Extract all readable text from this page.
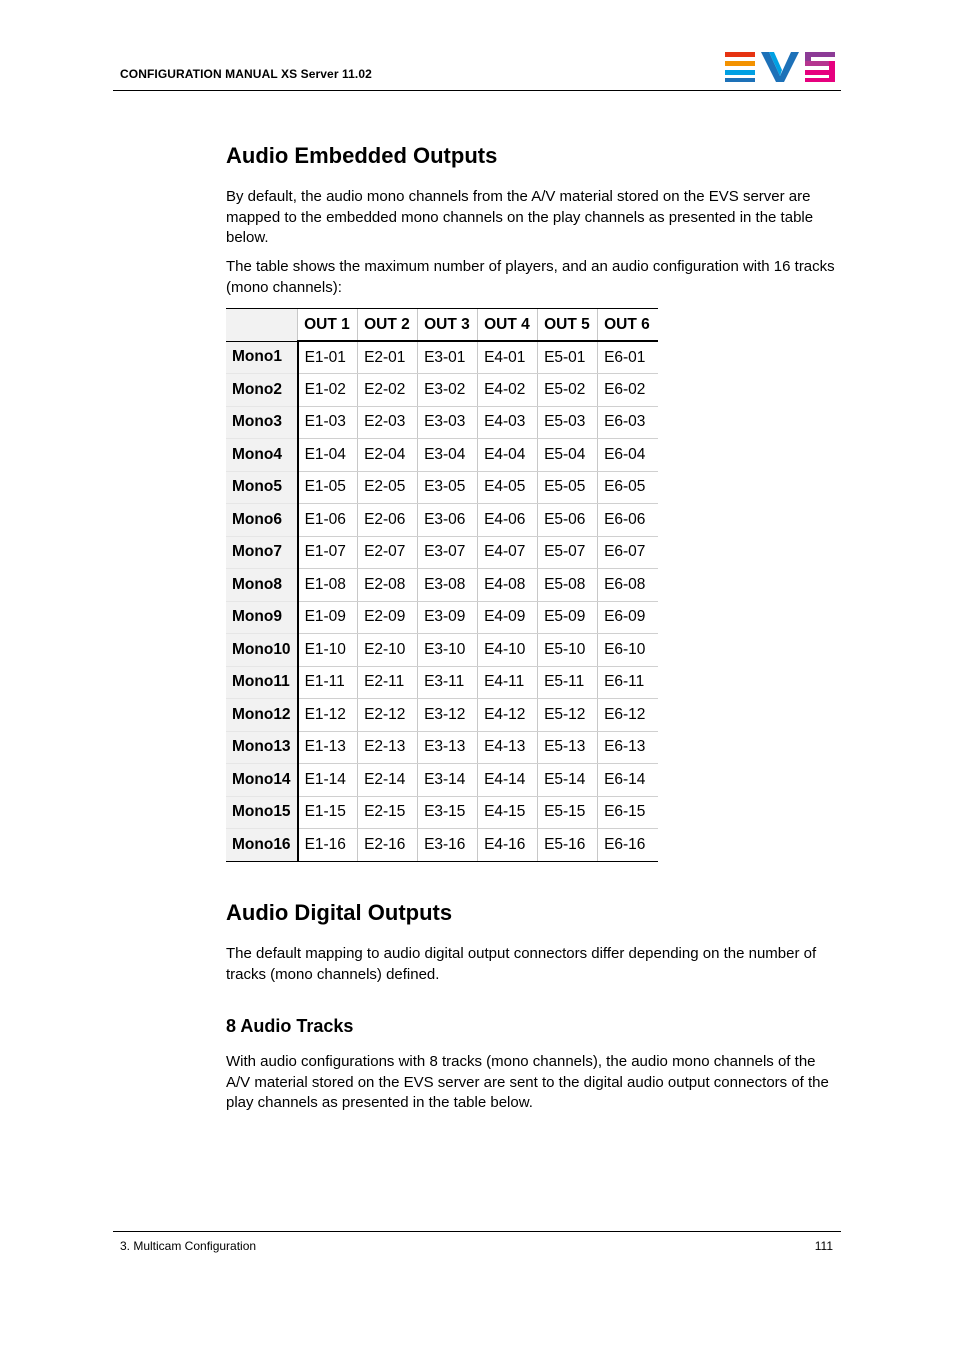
CONFIGURATION MANUAL XS Server 11.02
Audio Embedded Outputs

By default, the audio mono channels from the A/V material stored on the EVS server are mapped to the embedded mono channels on the play channels as presented in the table below.

The table shows the maximum number of players, and an audio configuration with 16 tracks (mono channels):

	OUT 1	OUT 2	OUT 3	OUT 4	OUT 5	OUT 6
Mono1	E1-01	E2-01	E3-01	E4-01	E5-01	E6-01
Mono2	E1-02	E2-02	E3-02	E4-02	E5-02	E6-02
Mono3	E1-03	E2-03	E3-03	E4-03	E5-03	E6-03
Mono4	E1-04	E2-04	E3-04	E4-04	E5-04	E6-04
Mono5	E1-05	E2-05	E3-05	E4-05	E5-05	E6-05
Mono6	E1-06	E2-06	E3-06	E4-06	E5-06	E6-06
Mono7	E1-07	E2-07	E3-07	E4-07	E5-07	E6-07
Mono8	E1-08	E2-08	E3-08	E4-08	E5-08	E6-08
Mono9	E1-09	E2-09	E3-09	E4-09	E5-09	E6-09
Mono10	E1-10	E2-10	E3-10	E4-10	E5-10	E6-10
Mono11	E1-11	E2-11	E3-11	E4-11	E5-11	E6-11
Mono12	E1-12	E2-12	E3-12	E4-12	E5-12	E6-12
Mono13	E1-13	E2-13	E3-13	E4-13	E5-13	E6-13
Mono14	E1-14	E2-14	E3-14	E4-14	E5-14	E6-14
Mono15	E1-15	E2-15	E3-15	E4-15	E5-15	E6-15
Mono16	E1-16	E2-16	E3-16	E4-16	E5-16	E6-16
Audio Digital Outputs

The default mapping to audio digital output connectors differ depending on the number of tracks (mono channels) defined.

8 Audio Tracks

With audio configurations with 8 tracks (mono channels), the audio mono channels of the A/V material stored on the EVS server are sent to the digital audio output connectors of the play channels as presented in the table below.

3. Multicam Configuration	111
